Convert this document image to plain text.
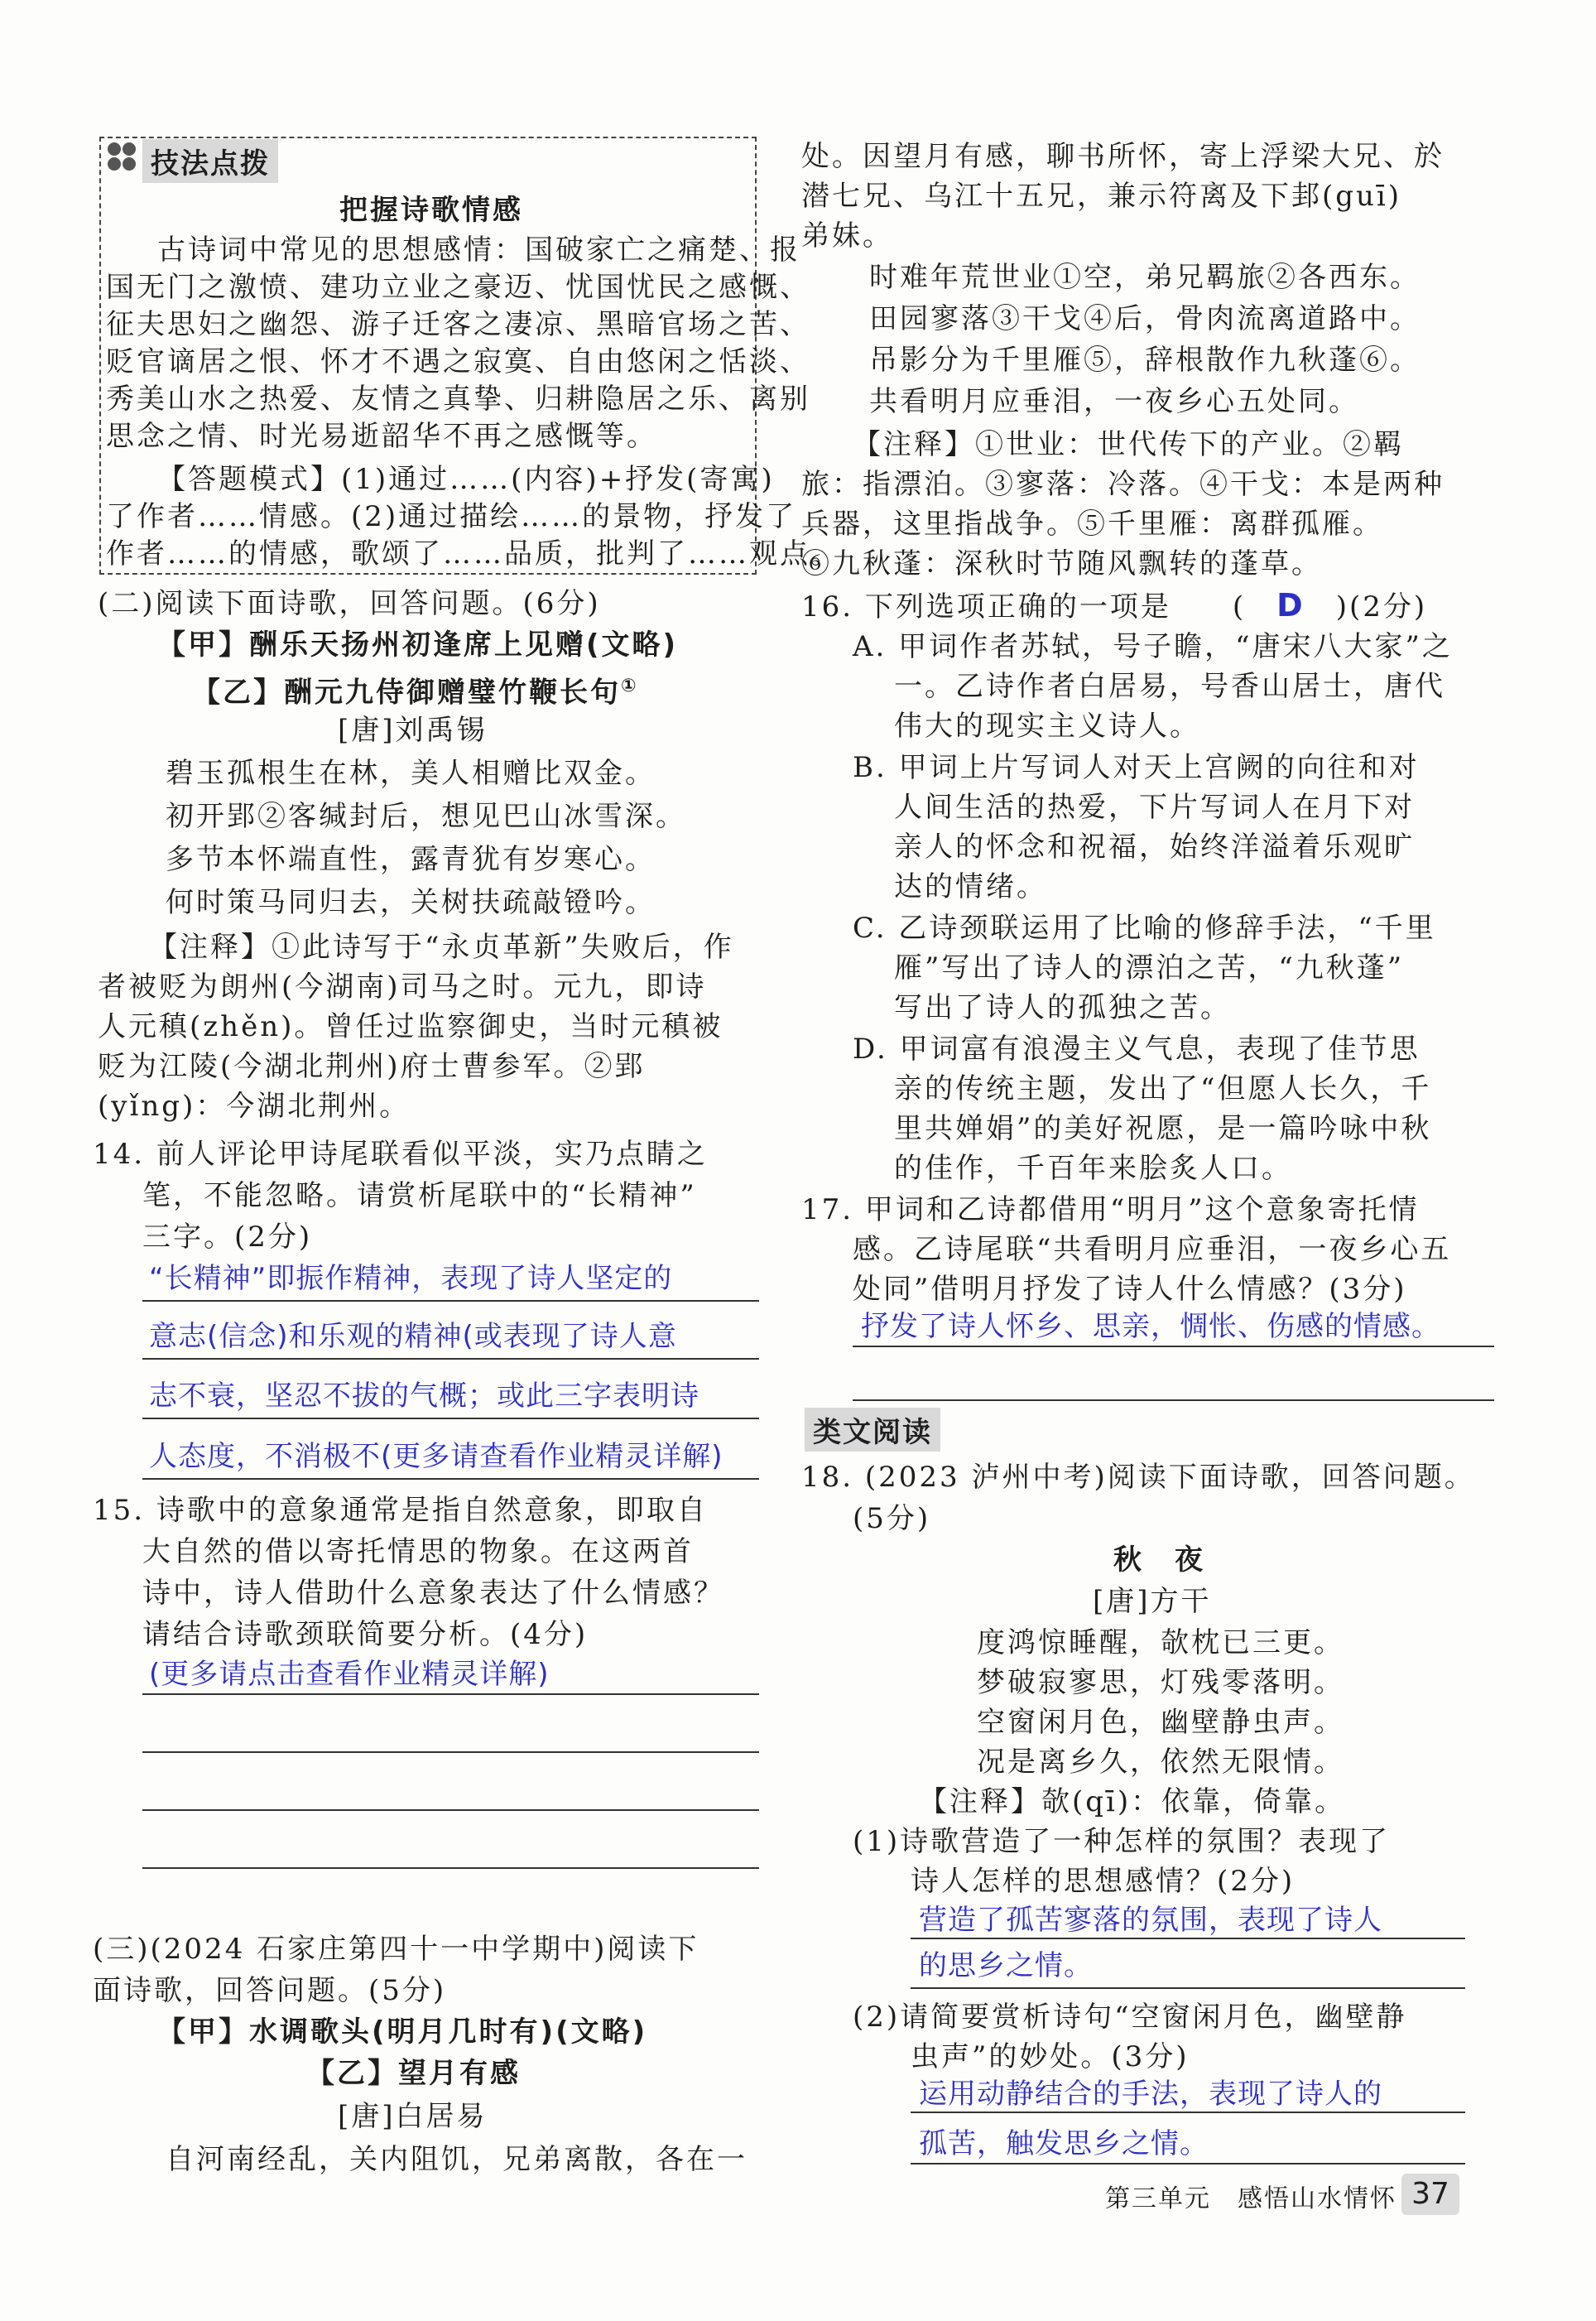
技法点拨
把握诗歌情感
古诗词中常见的思想感情：国破家亡之痛楚、报
国无门之激愤、建功立业之豪迈、忧国忧民之感慨、
征夫思妇之幽怨、游子迁客之凄凉、黑暗官场之苦、
贬官谪居之恨、怀才不遇之寂寞、自由悠闲之恬淡、
秀美山水之热爱、友情之真挚、归耕隐居之乐、离别
思念之情、时光易逝韶华不再之感慨等。
【答题模式】(1)通过……(内容)+抒发(寄寓)
了作者……情感。(2)通过描绘……的景物，抒发了
作者……的情感，歌颂了……品质，批判了……观点。
(二)阅读下面诗歌，回答问题。(6分)
【甲】酬乐天扬州初逢席上见赠(文略)
【乙】酬元九侍御赠璧竹鞭长句①
[唐]刘禹锡
碧玉孤根生在林，美人相赠比双金。
初开郢②客缄封后，想见巴山冰雪深。
多节本怀端直性，露青犹有岁寒心。
何时策马同归去，关树扶疏敲镫吟。
【注释】①此诗写于“永贞革新”失败后，作
者被贬为朗州(今湖南)司马之时。元九，即诗
人元稹(zhěn)。曾任过监察御史，当时元稹被
贬为江陵(今湖北荆州)府士曹参军。②郢
(yǐng)：今湖北荆州。
14. 前人评论甲诗尾联看似平淡，实乃点睛之
笔，不能忽略。请赏析尾联中的“长精神”
三字。(2分)
“长精神”即振作精神，表现了诗人坚定的
意志(信念)和乐观的精神(或表现了诗人意
志不衰，坚忍不拔的气概；或此三字表明诗
人态度，不消极不(更多请查看作业精灵详解)
15. 诗歌中的意象通常是指自然意象，即取自
大自然的借以寄托情思的物象。在这两首
诗中，诗人借助什么意象表达了什么情感？
请结合诗歌颈联简要分析。(4分)
(更多请点击查看作业精灵详解)
(三)(2024 石家庄第四十一中学期中)阅读下
面诗歌，回答问题。(5分)
【甲】水调歌头(明月几时有)(文略)
【乙】望月有感
[唐]白居易
自河南经乱，关内阻饥，兄弟离散，各在一
处。因望月有感，聊书所怀，寄上浮梁大兄、於
潜七兄、乌江十五兄，兼示符离及下邽(guī)
弟妹。
时难年荒世业①空，弟兄羁旅②各西东。
田园寥落③干戈④后，骨肉流离道路中。
吊影分为千里雁⑤，辞根散作九秋蓬⑥。
共看明月应垂泪，一夜乡心五处同。
【注释】①世业：世代传下的产业。②羁
旅：指漂泊。③寥落：冷落。④干戈：本是两种
兵器，这里指战争。⑤千里雁：离群孤雁。
⑥九秋蓬：深秋时节随风飘转的蓬草。
16. 下列选项正确的一项是　　(　D　)(2分)
A. 甲词作者苏轼，号子瞻，“唐宋八大家”之
一。乙诗作者白居易，号香山居士，唐代
伟大的现实主义诗人。
B. 甲词上片写词人对天上宫阙的向往和对
人间生活的热爱，下片写词人在月下对
亲人的怀念和祝福，始终洋溢着乐观旷
达的情绪。
C. 乙诗颈联运用了比喻的修辞手法，“千里
雁”写出了诗人的漂泊之苦，“九秋蓬”
写出了诗人的孤独之苦。
D. 甲词富有浪漫主义气息，表现了佳节思
亲的传统主题，发出了“但愿人长久，千
里共婵娟”的美好祝愿，是一篇吟咏中秋
的佳作，千百年来脍炙人口。
17. 甲词和乙诗都借用“明月”这个意象寄托情
感。乙诗尾联“共看明月应垂泪，一夜乡心五
处同”借明月抒发了诗人什么情感？(3分)
抒发了诗人怀乡、思亲，惆怅、伤感的情感。
类文阅读
18. (2023 泸州中考)阅读下面诗歌，回答问题。
(5分)
秋　夜
[唐]方干
度鸿惊睡醒，欹枕已三更。
梦破寂寥思，灯残零落明。
空窗闲月色，幽壁静虫声。
况是离乡久，依然无限情。
【注释】欹(qī)：依靠，倚靠。
(1)诗歌营造了一种怎样的氛围？表现了
诗人怎样的思想感情？(2分)
营造了孤苦寥落的氛围，表现了诗人
的思乡之情。
(2)请简要赏析诗句“空窗闲月色，幽壁静
虫声”的妙处。(3分)
运用动静结合的手法，表现了诗人的
孤苦，触发思乡之情。
第三单元　感悟山水情怀 37
